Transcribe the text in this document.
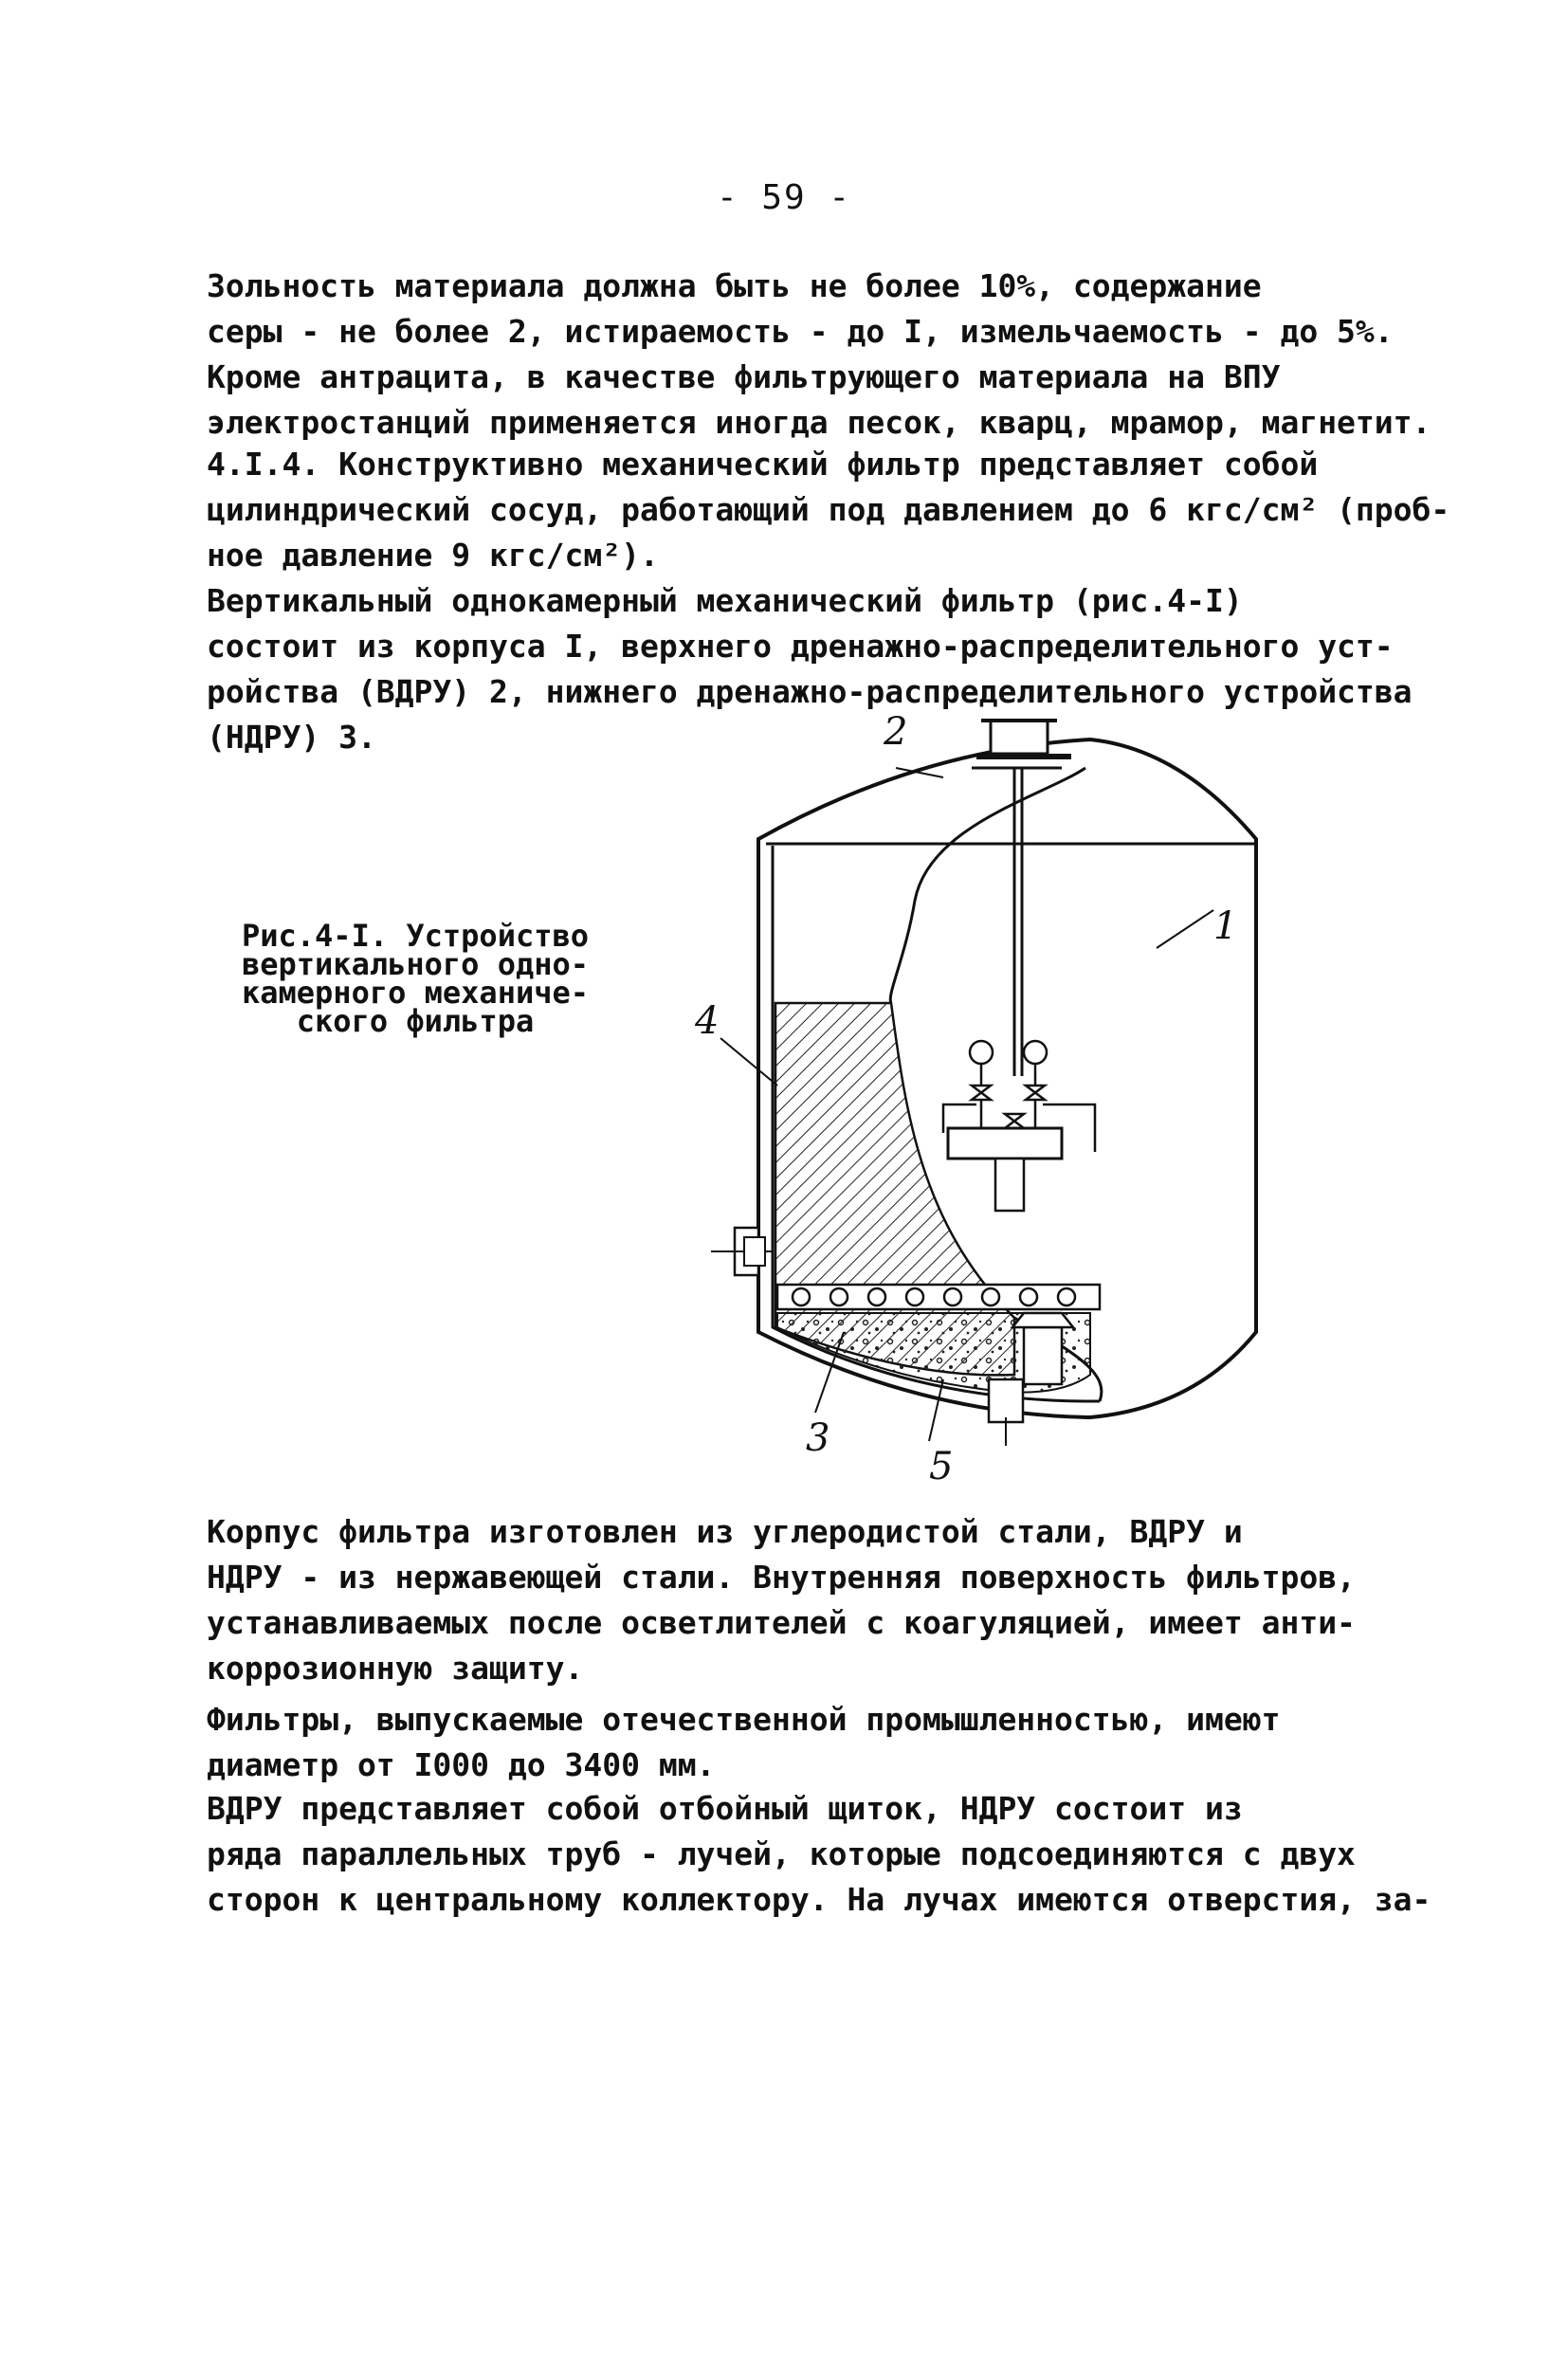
- 59 -
Зольность материала должна быть не более 10%, содержание
серы - не более 2, истираемость - до I, измельчаемость - до 5%.
Кроме антрацита, в качестве фильтрующего материала на ВПУ
электростанций применяется иногда песок, кварц, мрамор, магнетит.
4.I.4. Конструктивно механический фильтр представляет собой
цилиндрический сосуд, работающий под давлением до 6 кгс/см² (проб-
ное давление 9 кгс/см²).
Вертикальный однокамерный механический фильтр (рис.4-I)
состоит из корпуса I, верхнего дренажно-распределительного уст-
ройства (ВДРУ) 2, нижнего дренажно-распределительного устройства
(НДРУ) 3.
Рис.4-I. Устройство
вертикального одно-
камерного механиче-
ского фильтра
2
1
4
3
5
Корпус фильтра изготовлен из углеродистой стали, ВДРУ и
НДРУ - из нержавеющей стали. Внутренняя поверхность фильтров,
устанавливаемых после осветлителей с коагуляцией, имеет анти-
коррозионную защиту.
Фильтры, выпускаемые отечественной промышленностью, имеют
диаметр от I000 до 3400 мм.
ВДРУ представляет собой отбойный щиток, НДРУ состоит из
ряда параллельных труб - лучей, которые подсоединяются с двух
сторон к центральному коллектору. На лучах имеются отверстия, за-
